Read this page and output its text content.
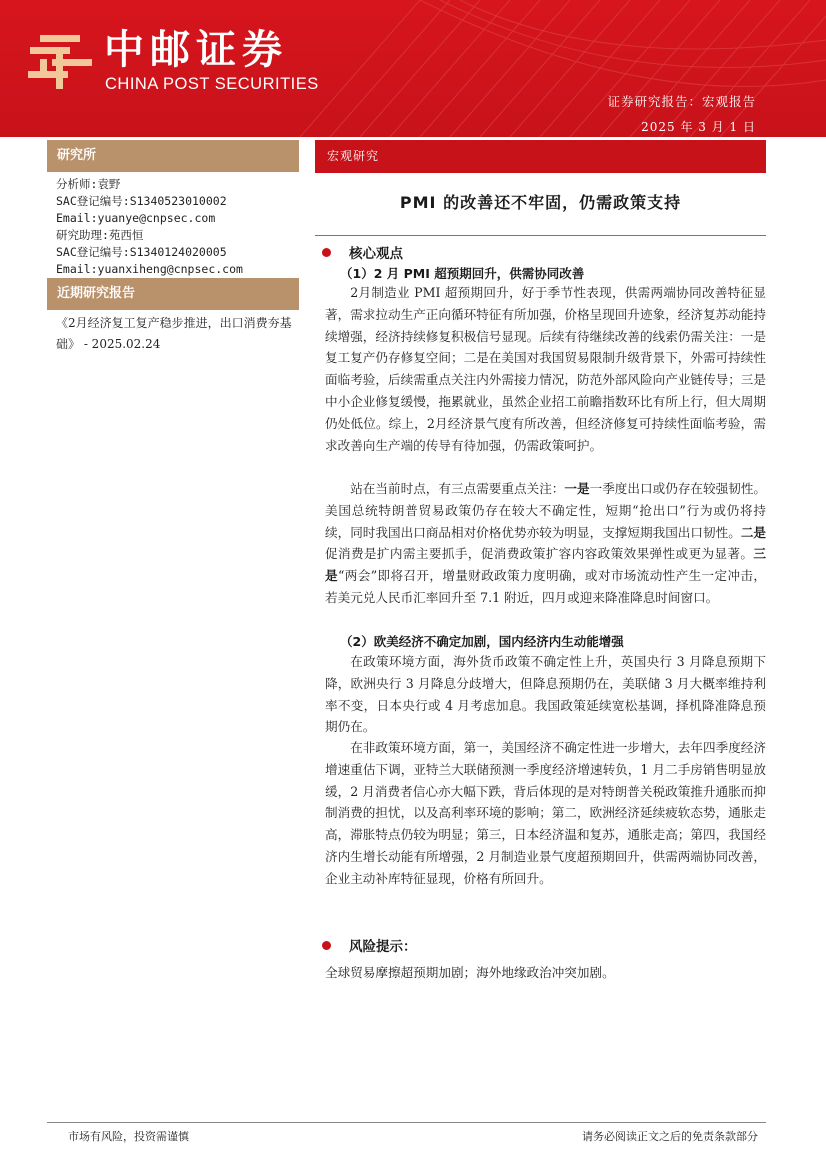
中邮证券
CHINA POST SECURITIES
证券研究报告：宏观报告
2025 年 3 月 1 日
研究所
分析师:袁野
SAC登记编号:S1340523010002
Email:yuanye@cnpsec.com
研究助理:苑西恒
SAC登记编号:S1340124020005
Email:yuanxiheng@cnpsec.com
近期研究报告
《2月经济复工复产稳步推进，出口消费夯基础》 - 2025.02.24
宏观研究
PMI 的改善还不牢固，仍需政策支持
核心观点
（1）2 月 PMI 超预期回升，供需协同改善

2月制造业 PMI 超预期回升，好于季节性表现，供需两端协同改善特征显著，需求拉动生产正向循环特征有所加强，价格呈现回升迹象，经济复苏动能持续增强，经济持续修复积极信号显现。后续有待继续改善的线索仍需关注：一是复工复产仍存修复空间；二是在美国对我国贸易限制升级背景下，外需可持续性面临考验，后续需重点关注内外需接力情况，防范外部风险向产业链传导；三是中小企业修复缓慢，拖累就业，虽然企业招工前瞻指数环比有所上行，但大周期仍处低位。综上，2月经济景气度有所改善，但经济修复可持续性面临考验，需求改善向生产端的传导有待加强，仍需政策呵护。

站在当前时点，有三点需要重点关注：一是一季度出口或仍存在较强韧性。美国总统特朗普贸易政策仍存在较大不确定性，短期“抢出口”行为或仍将持续，同时我国出口商品相对价格优势亦较为明显，支撑短期我国出口韧性。二是促消费是扩内需主要抓手，促消费政策扩容内容政策效果弹性或更为显著。三是“两会”即将召开，增量财政政策力度明确，或对市场流动性产生一定冲击，若美元兑人民币汇率回升至 7.1 附近，四月或迎来降准降息时间窗口。

（2）欧美经济不确定加剧，国内经济内生动能增强

在政策环境方面，海外货币政策不确定性上升，英国央行 3 月降息预期下降，欧洲央行 3 月降息分歧增大，但降息预期仍在，美联储 3 月大概率维持利率不变，日本央行或 4 月考虑加息。我国政策延续宽松基调，择机降准降息预期仍在。

在非政策环境方面，第一，美国经济不确定性进一步增大，去年四季度经济增速重估下调，亚特兰大联储预测一季度经济增速转负，1 月二手房销售明显放缓，2 月消费者信心亦大幅下跌，背后体现的是对特朗普关税政策推升通胀而抑制消费的担忧，以及高利率环境的影响；第二，欧洲经济延续疲软态势，通胀走高，滞胀特点仍较为明显；第三，日本经济温和复苏，通胀走高；第四，我国经济内生增长动能有所增强，2 月制造业景气度超预期回升，供需两端协同改善，企业主动补库特征显现，价格有所回升。

风险提示：
全球贸易摩擦超预期加剧；海外地缘政治冲突加剧。
市场有风险，投资需谨慎	请务必阅读正文之后的免责条款部分
